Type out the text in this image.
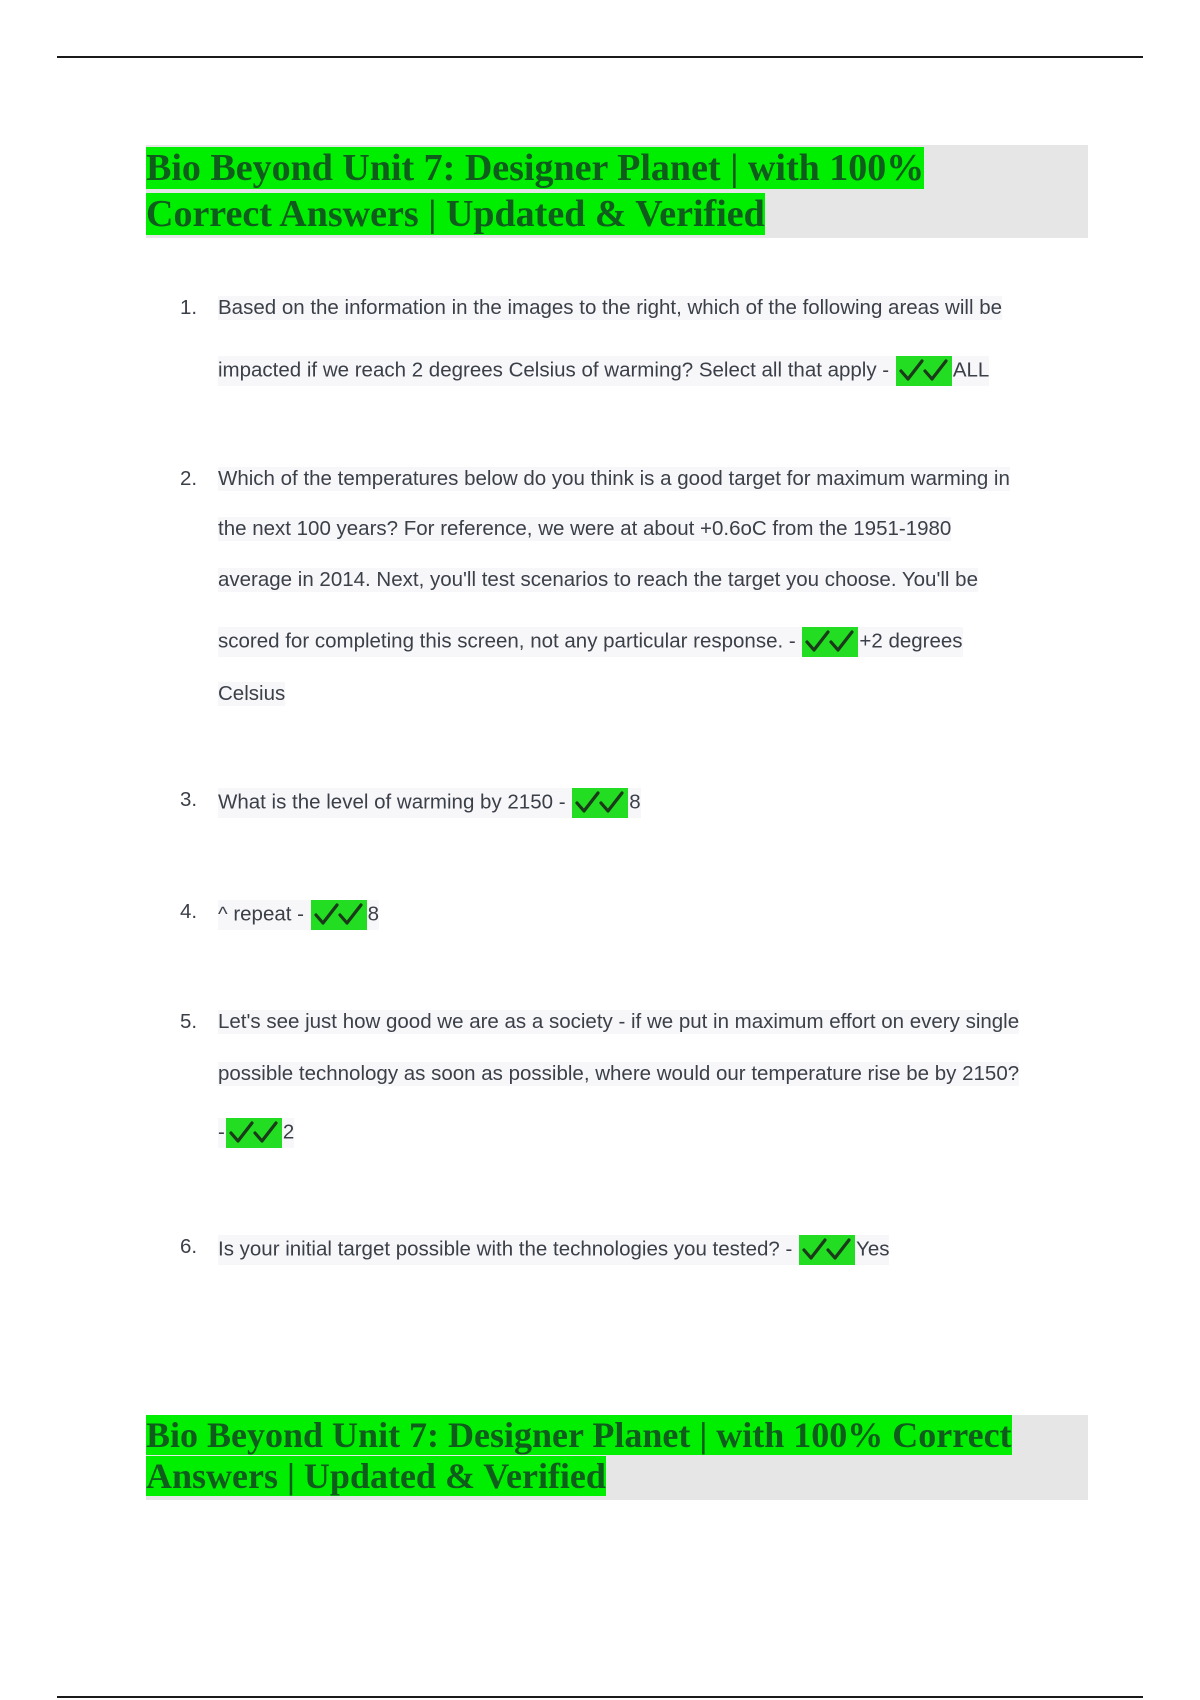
Bio Beyond Unit 7: Designer Planet | with 100%
Correct Answers | Updated & Verified
1.	Based on the information in the images to the right, which of the following areas will be
impacted if we reach 2 degrees Celsius of warming? Select all that apply -	ALL
2.	Which of the temperatures below do you think is a good target for maximum warming in
the next 100 years? For reference, we were at about +0.6oC from the 1951-1980
average in 2014. Next, you'll test scenarios to reach the target you choose. You'll be
scored for completing this screen, not any particular response. -	+2 degrees
Celsius
3.	What is the level of warming by 2150 -	8
4.	^ repeat -	8
5.	Let's see just how good we are as a society - if we put in maximum effort on every single
possible technology as soon as possible, where would our temperature rise be by 2150?
-	2
6.	Is your initial target possible with the technologies you tested? -	Yes
Bio Beyond Unit 7: Designer Planet | with 100% Correct
Answers | Updated & Verified
